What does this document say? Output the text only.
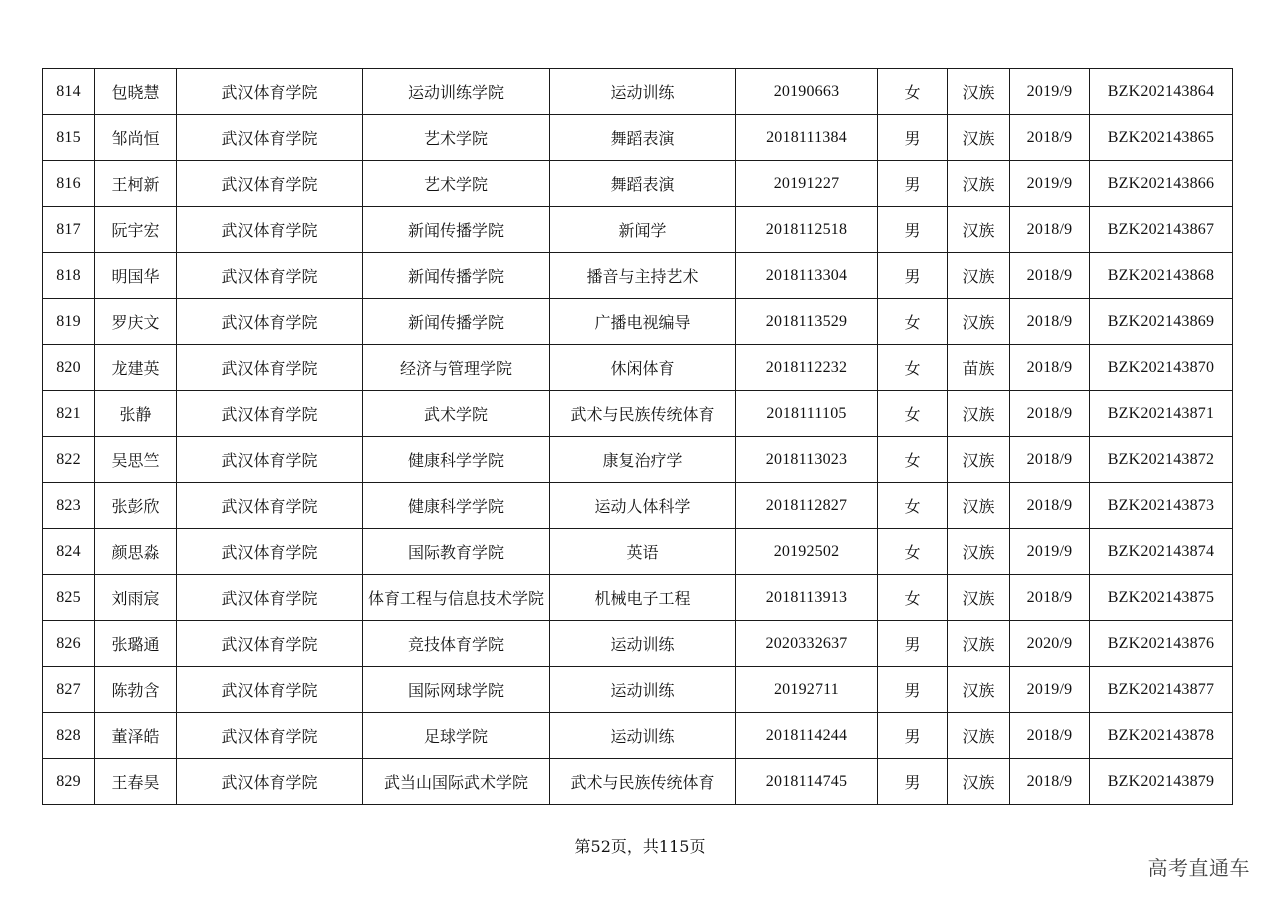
814	包晓慧	武汉体育学院	运动训练学院	运动训练	20190663	女	汉族	2019/9	BZK202143864
815	邹尚恒	武汉体育学院	艺术学院	舞蹈表演	2018111384	男	汉族	2018/9	BZK202143865
816	王柯新	武汉体育学院	艺术学院	舞蹈表演	20191227	男	汉族	2019/9	BZK202143866
817	阮宇宏	武汉体育学院	新闻传播学院	新闻学	2018112518	男	汉族	2018/9	BZK202143867
818	明国华	武汉体育学院	新闻传播学院	播音与主持艺术	2018113304	男	汉族	2018/9	BZK202143868
819	罗庆文	武汉体育学院	新闻传播学院	广播电视编导	2018113529	女	汉族	2018/9	BZK202143869
820	龙建英	武汉体育学院	经济与管理学院	休闲体育	2018112232	女	苗族	2018/9	BZK202143870
821	张静	武汉体育学院	武术学院	武术与民族传统体育	2018111105	女	汉族	2018/9	BZK202143871
822	吴思竺	武汉体育学院	健康科学学院	康复治疗学	2018113023	女	汉族	2018/9	BZK202143872
823	张彭欣	武汉体育学院	健康科学学院	运动人体科学	2018112827	女	汉族	2018/9	BZK202143873
824	颜思淼	武汉体育学院	国际教育学院	英语	20192502	女	汉族	2019/9	BZK202143874
825	刘雨宸	武汉体育学院	体育工程与信息技术学院	机械电子工程	2018113913	女	汉族	2018/9	BZK202143875
826	张璐通	武汉体育学院	竞技体育学院	运动训练	2020332637	男	汉族	2020/9	BZK202143876
827	陈勃含	武汉体育学院	国际网球学院	运动训练	20192711	男	汉族	2019/9	BZK202143877
828	董泽皓	武汉体育学院	足球学院	运动训练	2018114244	男	汉族	2018/9	BZK202143878
829	王春昊	武汉体育学院	武当山国际武术学院	武术与民族传统体育	2018114745	男	汉族	2018/9	BZK202143879
第52页，共115页
高考直通车
